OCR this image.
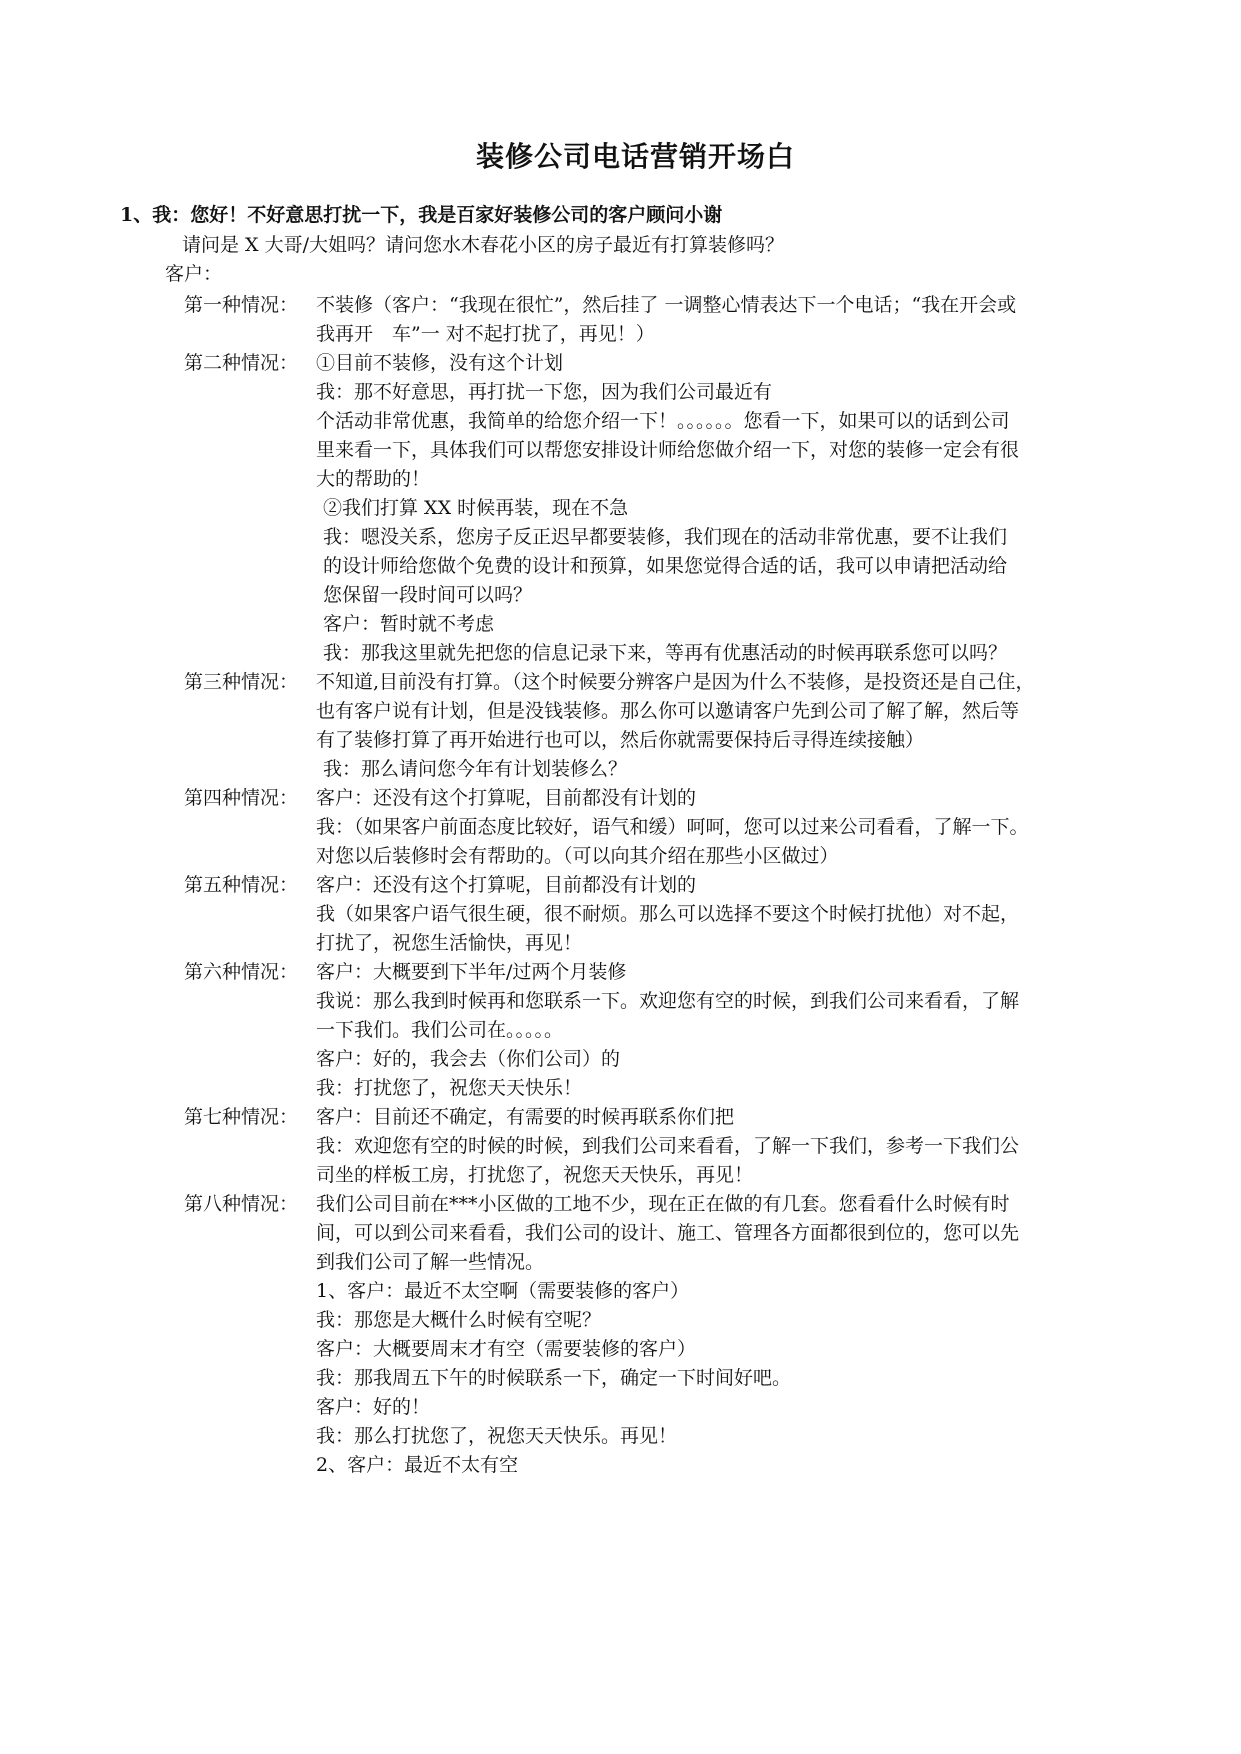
装修公司电话营销开场白
1、我：您好！不好意思打扰一下，我是百家好装修公司的客户顾问小谢
请问是 X 大哥/大姐吗？请问您水木春花小区的房子最近有打算装修吗？
客户：
第一种情况： 不装修（客户：“我现在很忙”，然后挂了 一调整心情表达下一个电话；“我在开会或
我再开　车”一 对不起打扰了，再见！）
第二种情况： ①目前不装修，没有这个计划
我：那不好意思，再打扰一下您，因为我们公司最近有
个活动非常优惠，我简单的给您介绍一下！。。。。。。您看一下，如果可以的话到公司
里来看一下，具体我们可以帮您安排设计师给您做介绍一下，对您的装修一定会有很
大的帮助的！
②我们打算 XX 时候再装，现在不急
我：嗯没关系，您房子反正迟早都要装修，我们现在的活动非常优惠，要不让我们
的设计师给您做个免费的设计和预算，如果您觉得合适的话，我可以申请把活动给
您保留一段时间可以吗？
客户：暂时就不考虑
我：那我这里就先把您的信息记录下来，等再有优惠活动的时候再联系您可以吗？
第三种情况： 不知道,目前没有打算。（这个时候要分辨客户是因为什么不装修，是投资还是自己住，
也有客户说有计划，但是没钱装修。那么你可以邀请客户先到公司了解了解，然后等
有了装修打算了再开始进行也可以，然后你就需要保持后寻得连续接触）
我：那么请问您今年有计划装修么？
第四种情况： 客户：还没有这个打算呢，目前都没有计划的
我：（如果客户前面态度比较好，语气和缓）呵呵，您可以过来公司看看，了解一下。
对您以后装修时会有帮助的。（可以向其介绍在那些小区做过）
第五种情况： 客户：还没有这个打算呢，目前都没有计划的
我（如果客户语气很生硬，很不耐烦。那么可以选择不要这个时候打扰他）对不起，
打扰了，祝您生活愉快，再见！
第六种情况： 客户：大概要到下半年/过两个月装修
我说：那么我到时候再和您联系一下。欢迎您有空的时候，到我们公司来看看，了解
一下我们。我们公司在。。。。。
客户：好的，我会去（你们公司）的
我：打扰您了，祝您天天快乐！
第七种情况： 客户：目前还不确定，有需要的时候再联系你们把
我：欢迎您有空的时候的时候，到我们公司来看看，了解一下我们，参考一下我们公
司坐的样板工房，打扰您了，祝您天天快乐，再见！
第八种情况： 我们公司目前在***小区做的工地不少，现在正在做的有几套。您看看什么时候有时
间，可以到公司来看看，我们公司的设计、施工、管理各方面都很到位的，您可以先
到我们公司了解一些情况。
1、客户：最近不太空啊（需要装修的客户）
我：那您是大概什么时候有空呢？
客户：大概要周末才有空（需要装修的客户）
我：那我周五下午的时候联系一下，确定一下时间好吧。
客户：好的！
我：那么打扰您了，祝您天天快乐。再见！
2、客户：最近不太有空
